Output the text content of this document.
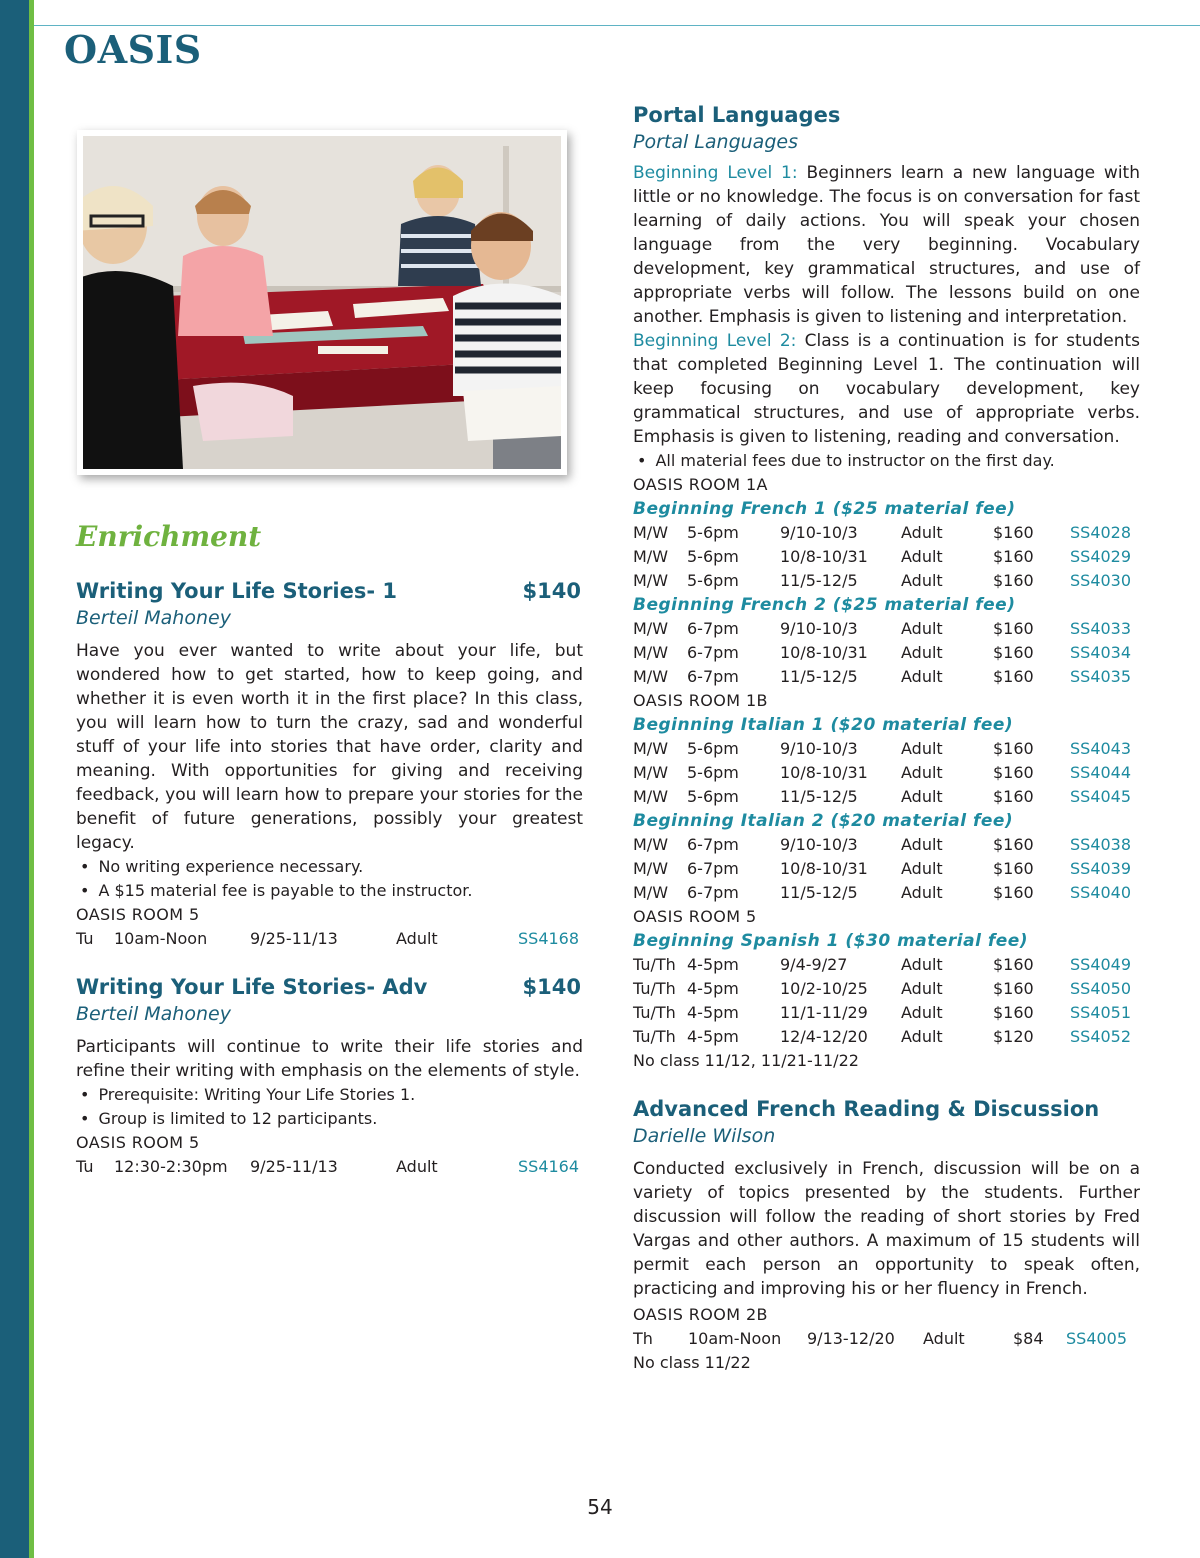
OASIS
Enrichment
Writing Your Life Stories- 1	$140

Berteil Mahoney

Have you ever wanted to write about your life, but wondered how to get started, how to keep going, and whether it is even worth it in the first place? In this class, you will learn how to turn the crazy, sad and wonderful stuff of your life into stories that have order, clarity and meaning. With opportunities for giving and receiving feedback, you will learn how to prepare your stories for the benefit of future generations, possibly your greatest legacy.

• No writing experience necessary.
• A $15 material fee is payable to the instructor.
OASIS ROOM 5
Tu 10am-Noon	9/25-11/13	Adult	SS4168
Writing Your Life Stories- Adv	$140

Berteil Mahoney

Participants will continue to write their life stories and refine their writing with emphasis on the elements of style.

• Prerequisite: Writing Your Life Stories 1.
• Group is limited to 12 participants.
OASIS ROOM 5
Tu 12:30-2:30pm 9/25-11/13	Adult	SS4164
Portal Languages

Portal Languages

Beginning Level 1: Beginners learn a new language with little or no knowledge. The focus is on conversation for fast learning of daily actions. You will speak your chosen language from the very beginning. Vocabulary development, key grammatical structures, and use of appropriate verbs will follow. The lessons build on one another. Emphasis is given to listening and interpretation.

Beginning Level 2: Class is a continuation is for students that completed Beginning Level 1. The continuation will keep focusing on vocabulary development, key grammatical structures, and use of appropriate verbs. Emphasis is given to listening, reading and conversation.

• All material fees due to instructor on the first day.
OASIS ROOM 1A
Beginning French 1 ($25 material fee)
M/W 5-6pm	9/10-10/3	Adult	$160 SS4028
M/W 5-6pm	10/8-10/31 Adult	$160 SS4029
M/W 5-6pm	11/5-12/5	Adult	$160 SS4030
Beginning French 2 ($25 material fee)
M/W 6-7pm	9/10-10/3	Adult	$160 SS4033
M/W 6-7pm	10/8-10/31 Adult	$160 SS4034
M/W 6-7pm	11/5-12/5	Adult	$160 SS4035
OASIS ROOM 1B
Beginning Italian 1 ($20 material fee)
M/W 5-6pm	9/10-10/3	Adult	$160 SS4043
M/W 5-6pm	10/8-10/31 Adult	$160 SS4044
M/W 5-6pm	11/5-12/5	Adult	$160 SS4045
Beginning Italian 2 ($20 material fee)
M/W 6-7pm	9/10-10/3	Adult	$160 SS4038
M/W 6-7pm	10/8-10/31 Adult	$160 SS4039
M/W 6-7pm	11/5-12/5	Adult	$160 SS4040
OASIS ROOM 5
Beginning Spanish 1 ($30 material fee)
Tu/Th 4-5pm	9/4-9/27	Adult	$160 SS4049
Tu/Th 4-5pm	10/2-10/25 Adult	$160 SS4050
Tu/Th 4-5pm	11/1-11/29 Adult	$160 SS4051
Tu/Th 4-5pm	12/4-12/20 Adult	$120 SS4052
No class 11/12, 11/21-11/22
Advanced French Reading & Discussion

Darielle Wilson

Conducted exclusively in French, discussion will be on a variety of topics presented by the students. Further discussion will follow the reading of short stories by Fred Vargas and other authors. A maximum of 15 students will permit each person an opportunity to speak often, practicing and improving his or her fluency in French.

OASIS ROOM 2B
Th 10am-Noon 9/13-12/20 Adult	$84 SS4005
No class 11/22
54
